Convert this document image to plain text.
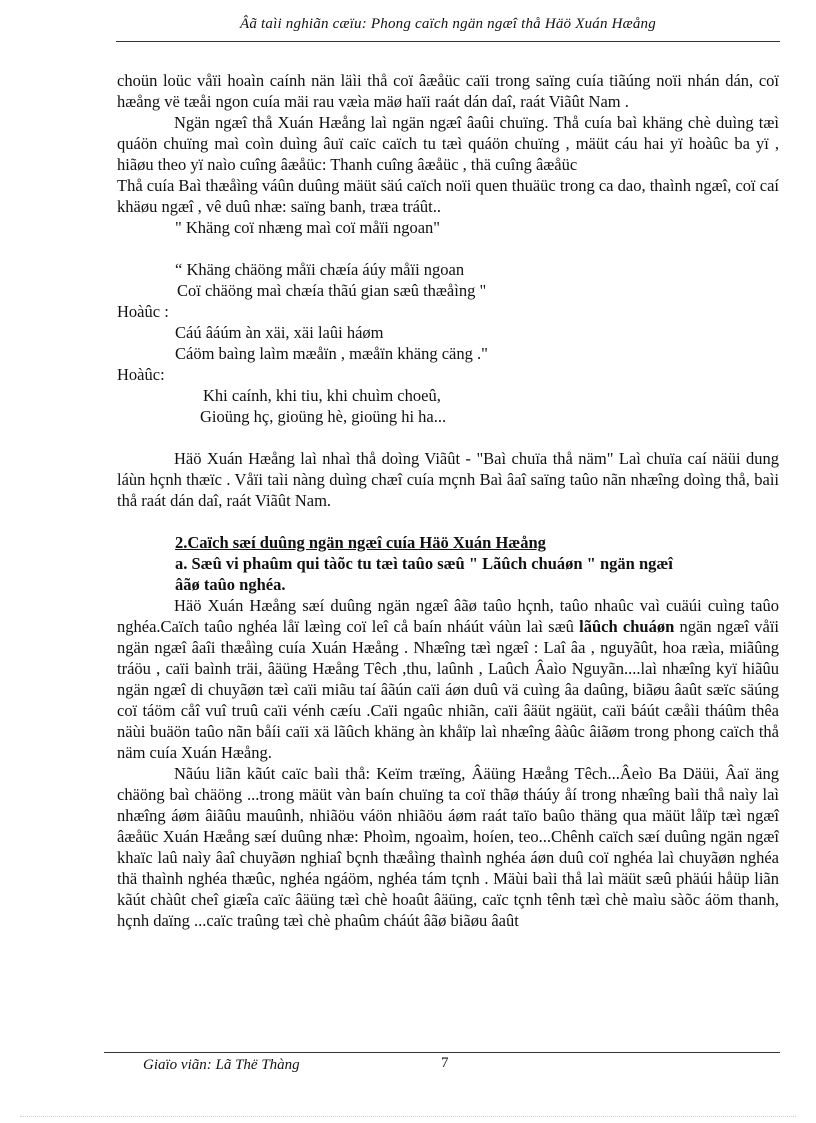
Âã taìi nghiãn cæïu: Phong caïch ngän ngæî thå Häö Xuán Hæång

choün loüc våïi hoaìn caính nän läìi thå coï âæåüc caïi trong saïng cuía tiãúng noïi nhán dán, coï hæång vë tæåi ngon cuía mäi rau væìa mäø haïi raát dán daî, raát Viãût Nam .

Ngän ngæî thå Xuán Hæång laì ngän ngæî âaûi chuïng. Thå cuía baì khäng chè duìng tæì quáön chuïng maì coìn duìng âuï caïc caïch tu tæì quáön chuïng , mäüt cáu hai yï hoàûc ba yï , hiãøu theo yï naìo cuîng âæåüc: Thanh cuîng âæåüc , thä cuîng âæåüc

Thå cuía Baì thæåìng váûn duûng mäüt säú caïch noïi quen thuäüc trong ca dao, thaình ngæî, coï caí khäøu ngæî , vê duû nhæ: saïng banh, træa tráût..

" Khäng coï nhæng maì coï måïi ngoan"

“ Khäng chäöng måïi chæía áúy måïi ngoan

Coï chäöng maì chæía thãú gian sæû thæåìng "

Hoàûc :

Cáú âáúm àn xäi, xäi laûi háøm

Cáöm baìng laìm mæåïn , mæåïn khäng cäng ."

Hoàûc:

Khi caính, khi tiu, khi chuìm choeû,

Gioüng hç, gioüng hè, gioüng hi ha...

Häö Xuán Hæång laì nhaì thå doìng Viãût - "Baì chuïa thå näm" Laì chuïa caí näüi dung láùn hçnh thæïc . Våïi taìi nàng duìng chæî cuía mçnh Baì âaî saïng taûo nãn nhæîng doìng thå, baìi thå raát dán daî, raát Viãût Nam.

2.Caïch sæí duûng ngän ngæî cuía Häö Xuán Hæång

a. Sæû vi phaûm qui tàõc tu tæì taûo sæû " Lãûch chuáøn " ngän ngæî
âãø taûo nghéa.

Häö Xuán Hæång sæí duûng ngän ngæî âãø taûo hçnh, taûo nhaûc vaì cuäúi cuìng taûo nghéa.Caïch taûo nghéa låï læìng coï leî cå baín nháút váùn laì sæû lãûch chuáøn ngän ngæî våïi ngän ngæî âaîi thæåìng cuía Xuán Hæång . Nhæîng tæì ngæî : Laî âa , nguyãût, hoa ræìa, miãûng tráöu , caïi baình träi, âäüng Hæång Têch ,thu, laûnh , Laûch Âaìo Nguyãn....laì nhæîng kyï hiãûu ngän ngæî di chuyãøn tæì caïi miãu taí âãún caïi áøn duû vä cuìng âa daûng, biãøu âaût sæïc säúng coï táöm cåî vuî truû caïi vénh cæíu .Caïi ngaûc nhiãn, caïi âäüt ngäüt, caïi báút cæåìi tháûm thêa näùi buäön taûo nãn båíi caïi xä lãûch khäng àn khåïp laì nhæîng âàûc âiãøm trong phong caïch thå näm cuía Xuán Hæång.

Nãúu liãn kãút caïc baìi thå: Keïm træïng, Âäüng Hæång Têch...Âeìo Ba Däüi, Âaï äng chäöng baì chäöng ...trong mäüt vàn baín chuïng ta coï thãø tháúy åí trong nhæîng baìi thå naìy laì nhæîng áøm âiãûu mauûnh, nhiãöu váön nhiãöu áøm raát taïo baûo thäng qua mäüt låïp tæì ngæî âæåüc Xuán Hæång sæí duûng nhæ: Phoìm, ngoaìm, hoíen, teo...Chênh caïch sæí duûng ngän ngæî khaïc laû naìy âaî chuyãøn nghiaî bçnh thæåìng thaình nghéa áøn duû coï nghéa laì chuyãøn nghéa thä thaình nghéa thæûc, nghéa ngáöm, nghéa tám tçnh . Mäùi baìi thå laì mäüt sæû phäúi håüp liãn kãút chàût cheî giæîa caïc âäüng tæì chè hoaût âäüng, caïc tçnh tênh tæì chè maìu sàõc áöm thanh, hçnh daïng ...caïc traûng tæì chè phaûm cháút âãø biãøu âaût

Giaïo viãn: Lã Thë Thàng	7
